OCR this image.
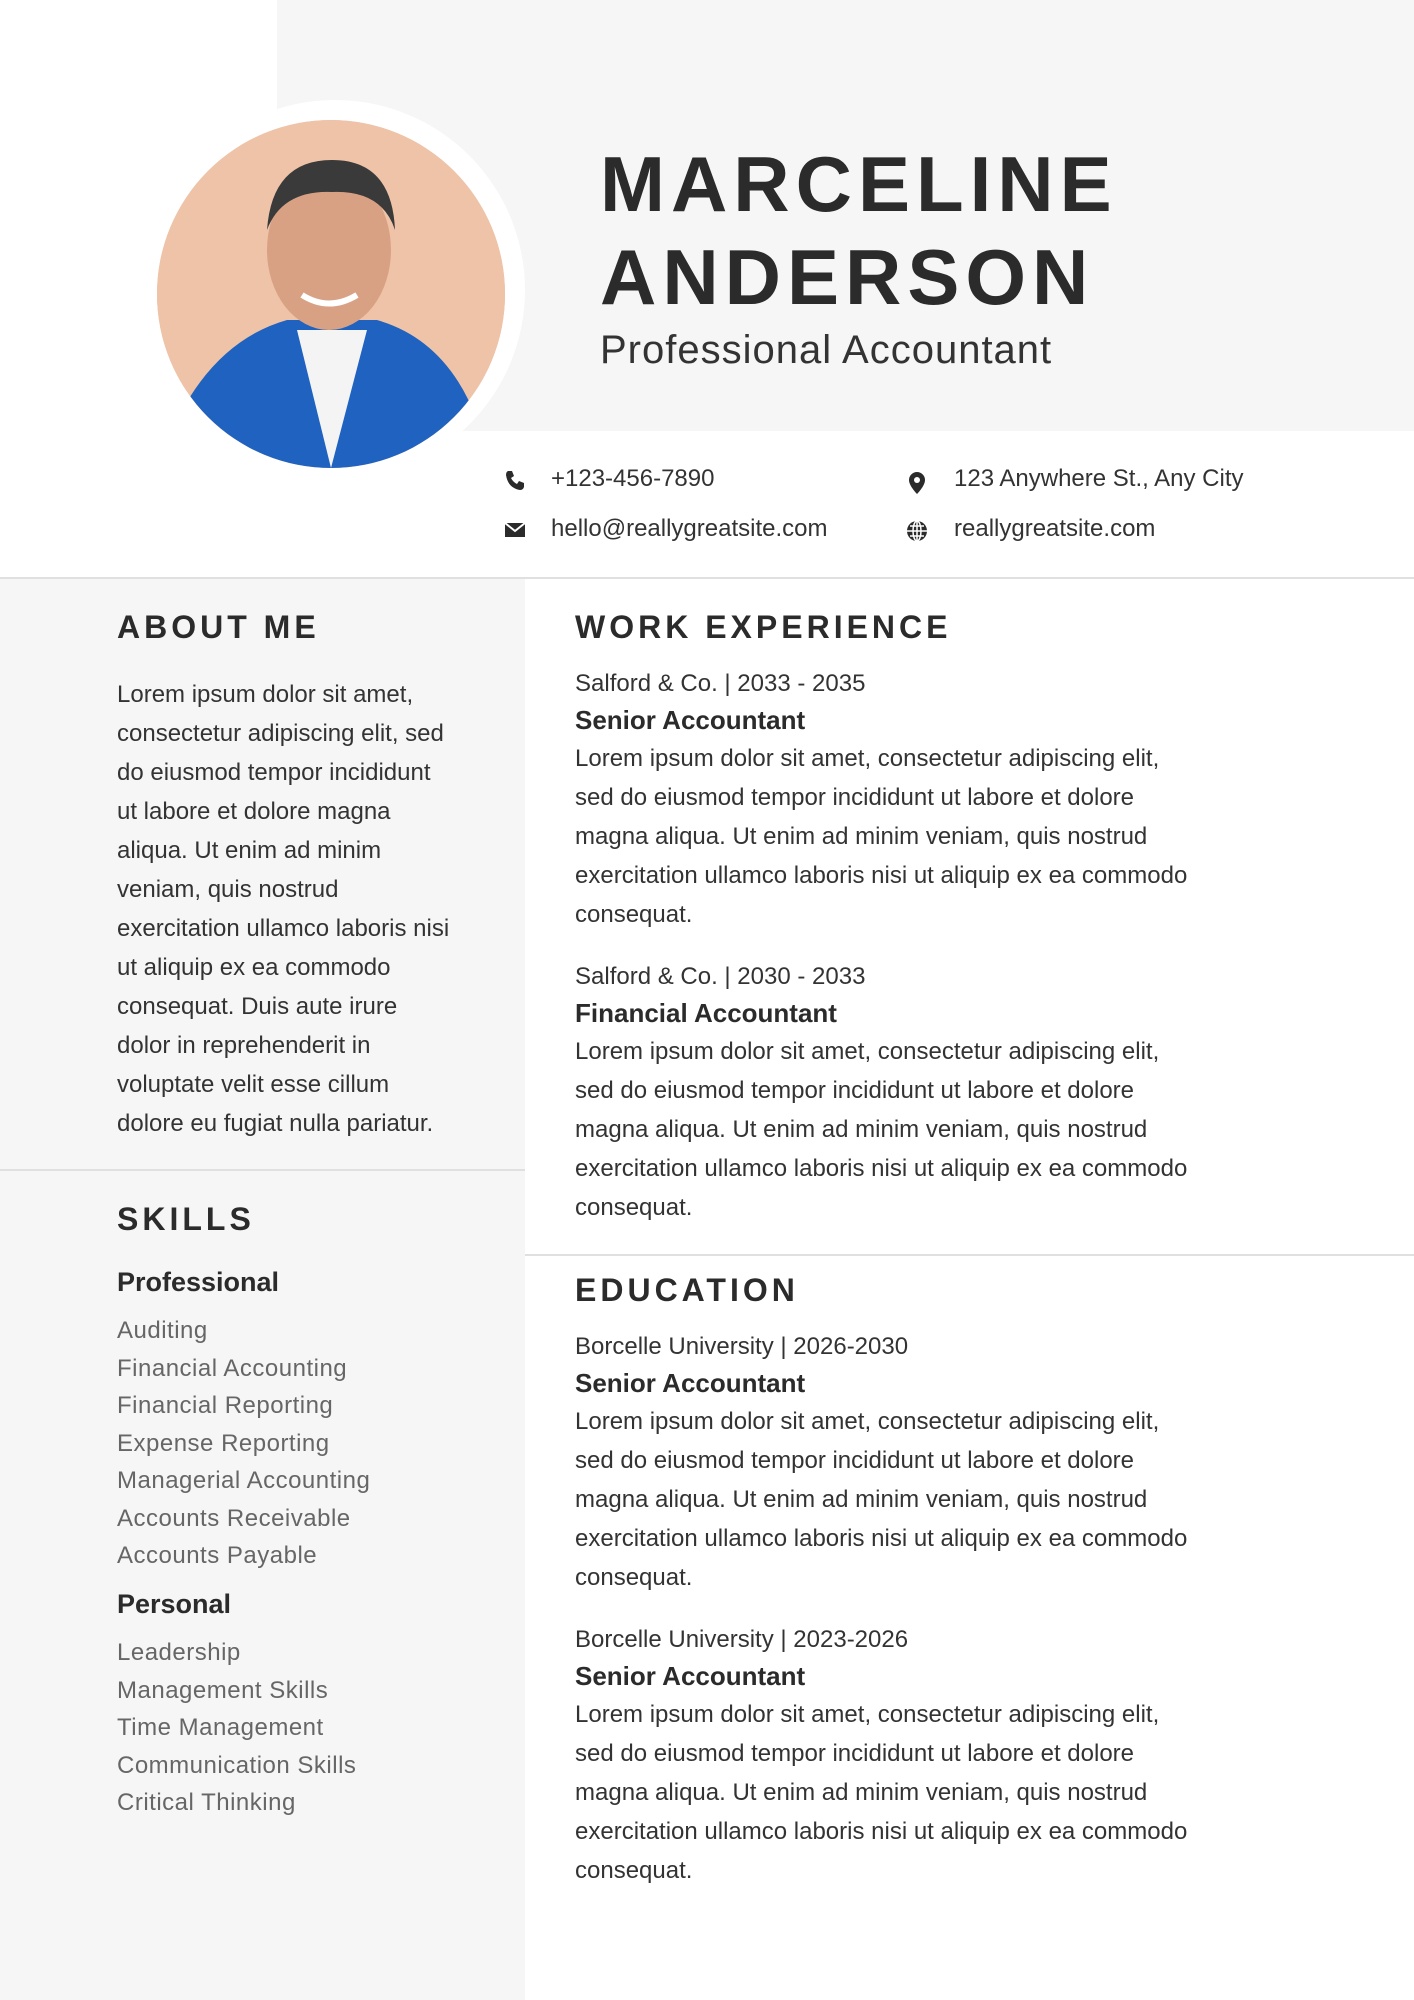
MARCELINE
ANDERSON
Professional Accountant
+123-456-7890
hello@reallygreatsite.com
123 Anywhere St., Any City
reallygreatsite.com
ABOUT ME
Lorem ipsum dolor sit amet,
consectetur adipiscing elit, sed
do eiusmod tempor incididunt
ut labore et dolore magna
aliqua. Ut enim ad minim
veniam, quis nostrud
exercitation ullamco laboris nisi
ut aliquip ex ea commodo
consequat. Duis aute irure
dolor in reprehenderit in
voluptate velit esse cillum
dolore eu fugiat nulla pariatur.
SKILLS
Professional
Auditing
Financial Accounting
Financial Reporting
Expense Reporting
Managerial Accounting
Accounts Receivable
Accounts Payable
Personal
Leadership
Management Skills
Time Management
Communication Skills
Critical Thinking
WORK EXPERIENCE
Salford & Co. | 2033 - 2035
Senior Accountant
Lorem ipsum dolor sit amet, consectetur adipiscing elit,
sed do eiusmod tempor incididunt ut labore et dolore
magna aliqua. Ut enim ad minim veniam, quis nostrud
exercitation ullamco laboris nisi ut aliquip ex ea commodo
consequat.
Salford & Co. | 2030 - 2033
Financial Accountant
Lorem ipsum dolor sit amet, consectetur adipiscing elit,
sed do eiusmod tempor incididunt ut labore et dolore
magna aliqua. Ut enim ad minim veniam, quis nostrud
exercitation ullamco laboris nisi ut aliquip ex ea commodo
consequat.
EDUCATION
Borcelle University | 2026-2030
Senior Accountant
Lorem ipsum dolor sit amet, consectetur adipiscing elit,
sed do eiusmod tempor incididunt ut labore et dolore
magna aliqua. Ut enim ad minim veniam, quis nostrud
exercitation ullamco laboris nisi ut aliquip ex ea commodo
consequat.
Borcelle University | 2023-2026
Senior Accountant
Lorem ipsum dolor sit amet, consectetur adipiscing elit,
sed do eiusmod tempor incididunt ut labore et dolore
magna aliqua. Ut enim ad minim veniam, quis nostrud
exercitation ullamco laboris nisi ut aliquip ex ea commodo
consequat.
